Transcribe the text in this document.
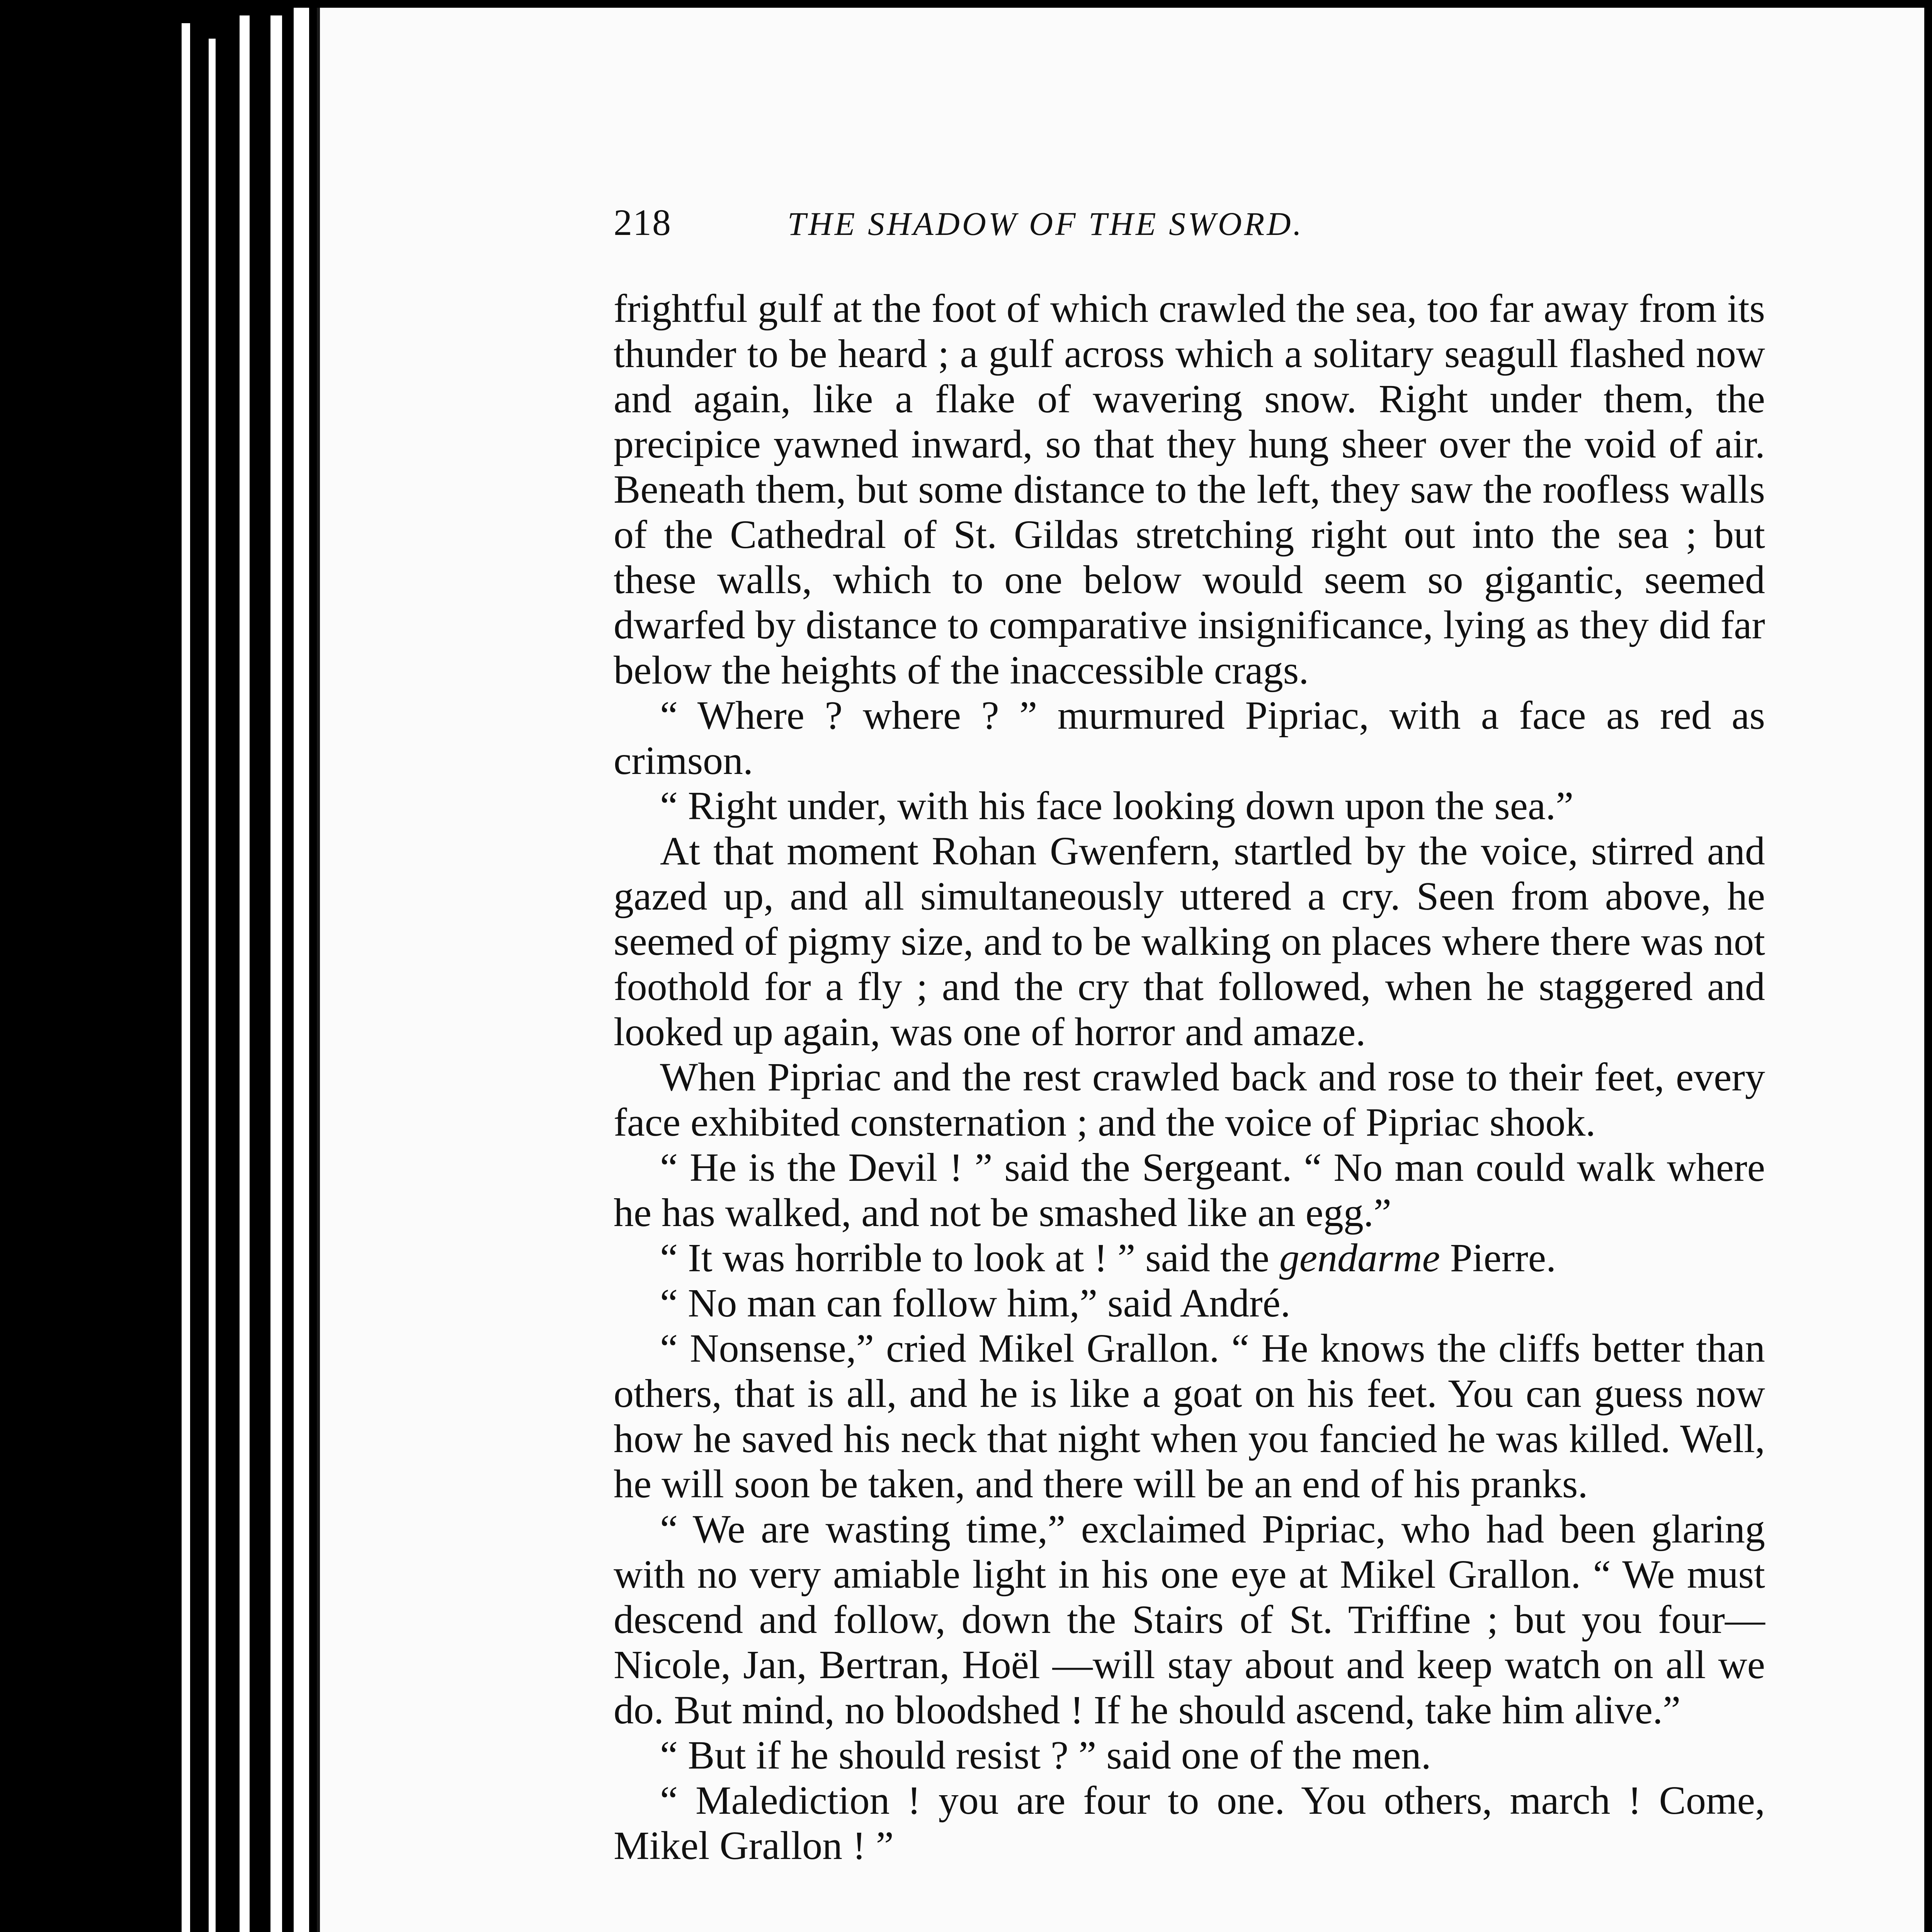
218	THE SHADOW OF THE SWORD.

frightful gulf at the foot of which crawled the sea, too far away from its thunder to be heard ; a gulf across which a solitary seagull flashed now and again, like a flake of wavering snow. Right under them, the precipice yawned inward, so that they hung sheer over the void of air. Beneath them, but some distance to the left, they saw the roofless walls of the Cathedral of St. Gildas stretching right out into the sea ; but these walls, which to one below would seem so gigantic, seemed dwarfed by distance to comparative insignificance, lying as they did far below the heights of the inaccessible crags.

“ Where ? where ? ” murmured Pipriac, with a face as red as crimson.

“ Right under, with his face looking down upon the sea.”

At that moment Rohan Gwenfern, startled by the voice, stirred and gazed up, and all simultaneously uttered a cry. Seen from above, he seemed of pigmy size, and to be walking on places where there was not foothold for a fly ; and the cry that followed, when he staggered and looked up again, was one of horror and amaze.

When Pipriac and the rest crawled back and rose to their feet, every face exhibited consternation ; and the voice of Pipriac shook.

“ He is the Devil ! ” said the Sergeant. “ No man could walk where he has walked, and not be smashed like an egg.”

“ It was horrible to look at ! ” said the gendarme Pierre.

“ No man can follow him,” said André.

“ Nonsense,” cried Mikel Grallon. “ He knows the cliffs better than others, that is all, and he is like a goat on his feet. You can guess now how he saved his neck that night when you fancied he was killed. Well, he will soon be taken, and there will be an end of his pranks.

“ We are wasting time,” exclaimed Pipriac, who had been glaring with no very amiable light in his one eye at Mikel Grallon. “ We must descend and follow, down the Stairs of St. Triffine ; but you four—Nicole, Jan, Bertran, Hoël —will stay about and keep watch on all we do. But mind, no bloodshed ! If he should ascend, take him alive.”

“ But if he should resist ? ” said one of the men.

“ Malediction ! you are four to one. You others, march ! Come, Mikel Grallon ! ”
